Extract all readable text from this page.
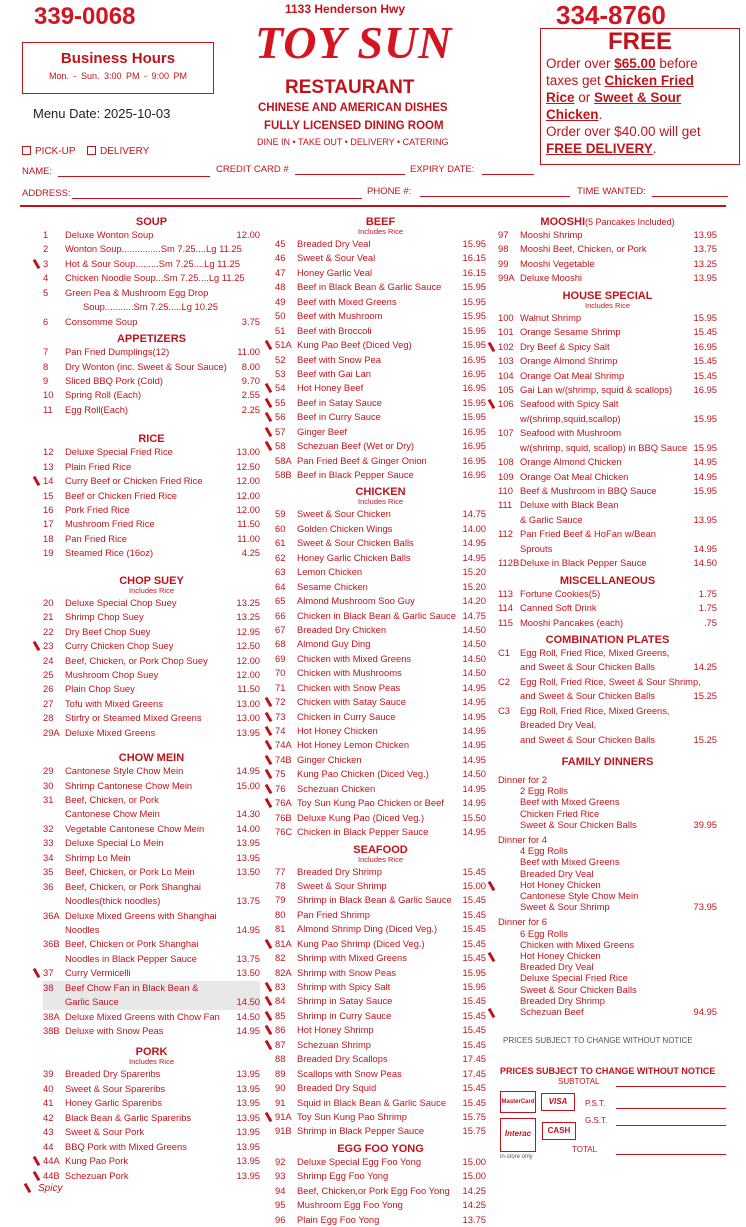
339-0068
Business Hours
Mon. - Sun. 3:00 PM - 9:00 PM
Menu Date: 2025-10-03
1133 Henderson Hwy
TOY SUN
RESTAURANT
CHINESE AND AMERICAN DISHES
FULLY LICENSED DINING ROOM
DINE IN • TAKE OUT • DELIVERY • CATERING
334-8760
FREE
Order over $65.00 before
taxes get Chicken Fried
Rice or Sweet & Sour
Chicken.
Order over $40.00 will get
FREE DELIVERY.
PICK-UP	DELIVERY
NAME:	CREDIT CARD #	EXPIRY DATE:
ADDRESS:	PHONE #:	TIME WANTED:
SOUP
1 Deluxe Wonton Soup	12.00
2 Wonton Soup...............Sm 7.25....Lg 11.25
3 Hot & Sour Soup.........Sm 7.25....Lg 11.25
4 Chicken Noodle Soup...Sm 7.25....Lg 11.25
5 Green Pea & Mushroom Egg Drop
Soup...........Sm 7.25.....Lg 10.25
6 Consomme Soup	3.75
APPETIZERS
7 Pan Fried Dumplings(12)	11.00
8 Dry Wonton (inc. Sweet & Sour Sauce) 8.00
9 Sliced BBQ Pork (Cold)	9.70
10 Spring Roll (Each)	2.55
11 Egg Roll(Each)	2.25
RICE
12 Deluxe Special Fried Rice	13.00
13 Plain Fried Rice	12.50
14 Curry Beef or Chicken Fried Rice	12.00
15 Beef or Chicken Fried Rice	12.00
16 Pork Fried Rice	12.00
17 Mushroom Fried Rice	11.50
18 Pan Fried Rice	11.00
19 Steamed Rice (16oz)	4.25
CHOP SUEY
Includes Rice
20 Deluxe Special Chop Suey	13.25
21 Shrimp Chop Suey	13.25
22 Dry Beef Chop Suey	12.95
23 Curry Chicken Chop Suey	12.50
24 Beef, Chicken, or Pork Chop Suey	12.00
25 Mushroom Chop Suey	12.00
26 Plain Chop Suey	11.50
27 Tofu with Mixed Greens	13.00
28 Stirfry or Steamed Mixed Greens	13.00
29A Deluxe Mixed Greens	13.95
CHOW MEIN
29 Cantonese Style Chow Mein	14.95
30 Shrimp Cantonese Chow Mein	15.00
31 Beef, Chicken, or Pork
Cantonese Chow Mein	14.30
32 Vegetable Cantonese Chow Mein	14.00
33 Deluxe Special Lo Mein	13.95
34 Shrimp Lo Mein	13.95
35 Beef, Chicken, or Pork Lo Mein	13.50
36 Beef, Chicken, or Pork Shanghai
Noodles(thick noodles)	13.75
36A Deluxe Mixed Greens with Shanghai
Noodles	14.95
36B Beef, Chicken or Pork Shanghai
Noodles in Black Pepper Sauce	13.75
37 Curry Vermicelli	13.50
38 Beef Chow Fan in Black Bean &
Garlic Sauce	14.50
38A Deluxe Mixed Greens with Chow Fan 14.50
38B Deluxe with Snow Peas	14.95
PORK
Includes Rice
39 Breaded Dry Spareribs	13.95
40 Sweet & Sour Spareribs	13.95
41 Honey Garlic Spareribs	13.95
42 Black Bean & Garlic Spareribs	13.95
43 Sweet & Sour Pork	13.95
44 BBQ Pork with Mixed Greens	13.95
44A Kung Pao Pork	13.95
44B Schezuan Pork	13.95
BEEF
Includes Rice
45 Breaded Dry Veal	15.95
46 Sweet & Sour Veal	16.15
47 Honey Garlic Veal	16.15
48 Beef in Black Bean & Garlic Sauce 15.95
49 Beef with Mixed Greens	15.95
50 Beef with Mushroom	15.95
51 Beef with Broccoli	15.95
51A Kung Pao Beef (Diced Veg)	15.95
52 Beef with Snow Pea	16.95
53 Beef with Gai Lan	16.95
54 Hot Honey Beef	16.95
55 Beef in Satay Sauce	15.95
56 Beef in Curry Sauce	15.95
57 Ginger Beef	16.95
58 Schezuan Beef (Wet or Dry)	16.95
58A Pan Fried Beef & Ginger Onion	16.95
58B Beef in Black Pepper Sauce	16.95
CHICKEN
Includes Rice
59 Sweet & Sour Chicken	14.75
60 Golden Chicken Wings	14.00
61 Sweet & Sour Chicken Balls	14.95
62 Honey Garlic Chicken Balls	14.95
63 Lemon Chicken	15.20
64 Sesame Chicken	15.20
65 Almond Mushroom Soo Guy	14.20
66 Chicken in Black Bean & Garlic Sauce 14.75
67 Breaded Dry Chicken	14.50
68 Almond Guy Ding	14.50
69 Chicken with Mixed Greens	14.50
70 Chicken with Mushrooms	14.50
71 Chicken with Snow Peas	14.95
72 Chicken with Satay Sauce	14.95
73 Chicken in Curry Sauce	14.95
74 Hot Honey Chicken	14.95
74A Hot Honey Lemon Chicken	14.95
74B Ginger Chicken	14.95
75 Kung Pao Chicken (Diced Veg.)	14.50
76 Schezuan Chicken	14.95
76A Toy Sun Kung Pao Chicken or Beef 14.95
76B Deluxe Kung Pao (Diced Veg.)	15.50
76C Chicken in Black Pepper Sauce	14.95
SEAFOOD
Includes Rice
77 Breaded Dry Shrimp	15.45
78 Sweet & Sour Shrimp	15.00
79 Shrimp in Black Bean & Garlic Sauce 15.45
80 Pan Fried Shrimp	15.45
81 Almond Shrimp Ding (Diced Veg.)	15.45
81A Kung Pao Shrimp (Diced Veg.)	15.45
82 Shrimp with Mixed Greens	15.45
82A Shrimp with Snow Peas	15.95
83 Shrimp with Spicy Salt	15.95
84 Shrimp in Satay Sauce	15.45
85 Shrimp in Curry Sauce	15.45
86 Hot Honey Shrimp	15.45
87 Schezuan Shrimp	15.45
88 Breaded Dry Scallops	17.45
89 Scallops with Snow Peas	17.45
90 Breaded Dry Squid	15.45
91 Squid in Black Bean & Garlic Sauce 15.45
91A Toy Sun Kung Pao Shrimp	15.75
91B Shrimp in Black Pepper Sauce	15.75
EGG FOO YONG
92 Deluxe Special Egg Foo Yong	15.00
93 Shrimp Egg Foo Yong	15.00
94 Beef, Chicken,or Pork Egg Foo Yong 14.25
95 Mushroom Egg Foo Yong	14.25
96 Plain Egg Foo Yong	13.75
MOOSHI(5 Pancakes Included)
97 Mooshi Shrimp	13.95
98 Mooshi Beef, Chicken, or Pork	13.75
99 Mooshi Vegetable	13.25
99A Deluxe Mooshi	13.95
HOUSE SPECIAL
Includes Rice
100 Walnut Shrimp	15.95
101 Orange Sesame Shrimp	15.45
102 Dry Beef & Spicy Salt	16.95
103 Orange Almond Shrimp	15.45
104 Orange Oat Meal Shrimp	15.45
105 Gai Lan w/(shrimp, squid & scallops) 16.95
106 Seafood with Spicy Salt
w/(shrimp,squid,scallop)	15.95
107 Seafood with Mushroom
w/(shrimp, squid, scallop) in BBQ Sauce 15.95
108 Orange Almond Chicken	14.95
109 Orange Oat Meal Chicken	14.95
110 Beef & Mushroom in BBQ Sauce	15.95
111 Deluxe with Black Bean
& Garlic Sauce	13.95
112 Pan Fried Beef & HoFan w/Bean
Sprouts	14.95
112B Deluxe in Black Pepper Sauce	14.50
MISCELLANEOUS
113 Fortune Cookies(5)	1.75
114 Canned Soft Drink	1.75
115 Mooshi Pancakes (each)	.75
COMBINATION PLATES
C1 Egg Roll, Fried Rice, Mixed Greens,
and Sweet & Sour Chicken Balls	14.25
C2 Egg Roll, Fried Rice, Sweet & Sour Shrimp,
and Sweet & Sour Chicken Balls	15.25
C3 Egg Roll, Fried Rice, Mixed Greens,
Breaded Dry Veal,
and Sweet & Sour Chicken Balls	15.25
FAMILY DINNERS
Dinner for 2
2 Egg Rolls
Beef with Mixed Greens
Chicken Fried Rice
Sweet & Sour Chicken Balls	39.95
Dinner for 4
4 Egg Rolls
Beef with Mixed Greens
Breaded Dry Veal
Hot Honey Chicken
Cantonese Style Chow Mein
Sweet & Sour Shrimp	73.95
Dinner for 6
6 Egg Rolls
Chicken with Mixed Greens
Hot Honey Chicken
Breaded Dry Veal
Deluxe Special Fried Rice
Sweet & Sour Chicken Balls
Breaded Dry Shrimp
Schezuan Beef	94.95
Spicy
PRICES SUBJECT TO CHANGE WITHOUT NOTICE
PRICES SUBJECT TO CHANGE WITHOUT NOTICE
SUBTOTAL
MasterCard	VISA	P.S.T.
G.S.T.
Interac
in-store only
CASH
TOTAL
